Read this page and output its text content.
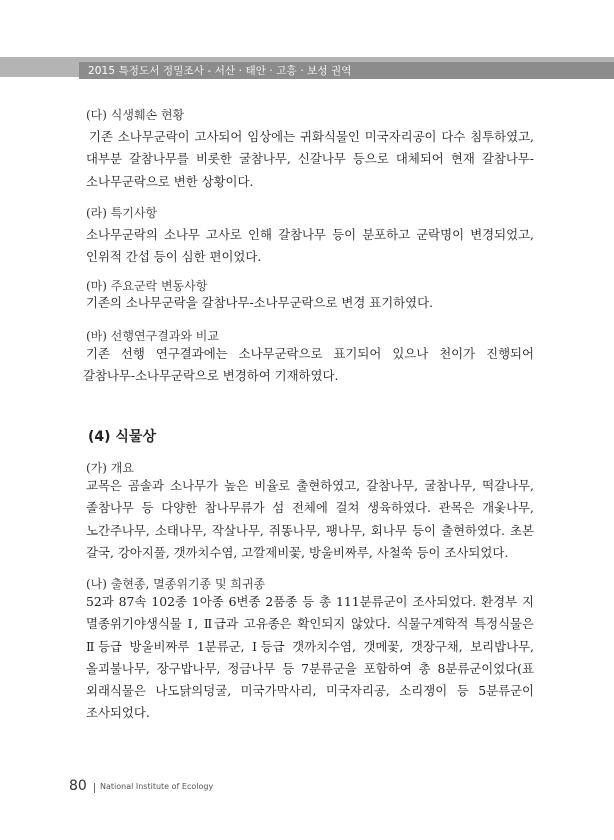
2015 특정도서 정밀조사 - 서산 · 태안 · 고흥 · 보성 권역
(다) 식생훼손 현황
기존 소나무군락이 고사되어 임상에는 귀화식물인 미국자리공이 다수 침투하였고,
대부분 갈참나무를 비롯한 굴참나무, 신갈나무 등으로 대체되어 현재 갈참나무-
소나무군락으로 변한 상황이다.
(라) 특기사항
소나무군락의 소나무 고사로 인해 갈참나무 등이 분포하고 군락명이 변경되었고,
인위적 간섭 등이 심한 편이었다.
(마) 주요군락 변동사항
기존의 소나무군락을 갈참나무-소나무군락으로 변경 표기하였다.
(바) 선행연구결과와 비교
기존 선행 연구결과에는 소나무군락으로 표기되어 있으나 천이가 진행되어
갈참나무-소나무군락으로 변경하여 기재하였다.
(4) 식물상
(가) 개요
교목은 곰솔과 소나무가 높은 비율로 출현하였고, 갈참나무, 굴참나무, 떡갈나무,
졸참나무 등 다양한 참나무류가 섬 전체에 걸쳐 생육하였다. 관목은 개옻나무,
노간주나무, 소태나무, 작살나무, 쥐똥나무, 팽나무, 회나무 등이 출현하였다. 초본
갈국, 강아지풀, 갯까치수염, 고깔제비꽃, 방울비짜루, 사철쑥 등이 조사되었다.
(나) 출현종, 멸종위기종 및 희귀종
52과 87속 102종 1아종 6변종 2품종 등 총 111분류군이 조사되었다. 환경부 지
멸종위기야생식물 Ⅰ, Ⅱ급과 고유종은 확인되지 않았다. 식물구계학적 특정식물은
Ⅱ등급 방울비짜루 1분류군, Ⅰ등급 갯까치수염, 갯메꽃, 갯장구채, 보리밥나무,
올괴불나무, 장구밥나무, 정금나무 등 7분류군을 포함하여 총 8분류군이었다(표
외래식물은 나도닭의덩굴, 미국가막사리, 미국자리공, 소리쟁이 등 5분류군이
조사되었다.
80 National Institute of Ecology
